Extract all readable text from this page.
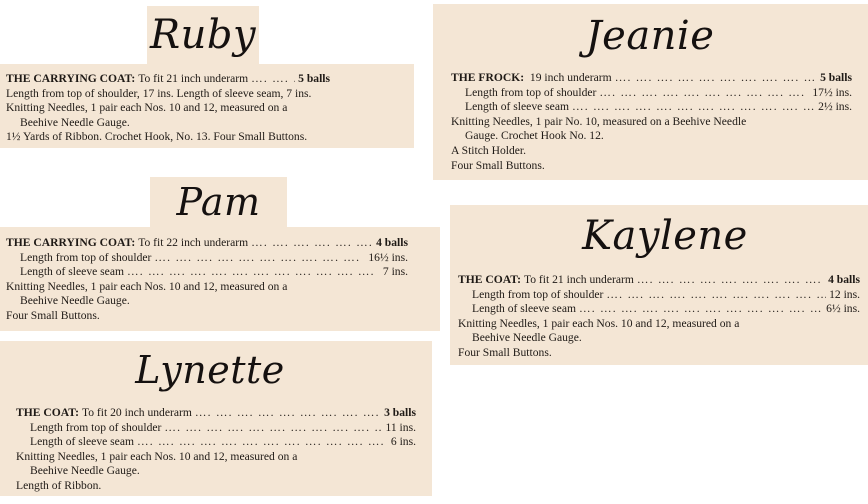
Ruby
THE CARRYING COAT:
To fit 21 inch underarm …. …. …. …. …. …. …. …. …. …. …. …. …. …. …. …. …. …. …. …. …. …. …. …. …. …. …. …. …. …. …. …. …. …. …. …. …. …. …. ….	5 balls
Length from top of shoulder, 17 ins. Length of sleeve seam, 7 ins.
Knitting Needles, 1 pair each Nos. 10 and 12, measured on a
Beehive Needle Gauge.
1½ Yards of Ribbon. Crochet Hook, No. 13. Four Small Buttons.
Pam
THE CARRYING COAT:
To fit 22 inch underarm …. …. …. …. …. …. …. …. …. …. …. …. …. …. …. …. …. …. …. …. …. …. …. …. …. …. …. …. …. …. …. …. …. …. …. …. …. …. …. ….	4 balls
Length from top of shoulder …. …. …. …. …. …. …. …. …. …. …. …. …. …. …. …. …. …. …. …. …. …. …. …. …. …. …. …. …. …. …. …. …. …. …. …. …. …. …. ….	16½ ins.
Length of sleeve seam …. …. …. …. …. …. …. …. …. …. …. …. …. …. …. …. …. …. …. …. …. …. …. …. …. …. …. …. …. …. …. …. …. …. …. …. …. …. …. ….	7 ins.
Knitting Needles, 1 pair each Nos. 10 and 12, measured on a
Beehive Needle Gauge.
Four Small Buttons.
Lynette
THE COAT:
To fit 20 inch underarm …. …. …. …. …. …. …. …. …. …. …. …. …. …. …. …. …. …. …. …. …. …. …. …. …. …. …. …. …. …. …. …. …. …. …. …. …. …. …. ….	3 balls
Length from top of shoulder …. …. …. …. …. …. …. …. …. …. …. …. …. …. …. …. …. …. …. …. …. …. …. …. …. …. …. …. …. …. …. …. …. …. …. …. …. …. …. ….	11 ins.
Length of sleeve seam …. …. …. …. …. …. …. …. …. …. …. …. …. …. …. …. …. …. …. …. …. …. …. …. …. …. …. …. …. …. …. …. …. …. …. …. …. …. …. ….	6 ins.
Knitting Needles, 1 pair each Nos. 10 and 12, measured on a
Beehive Needle Gauge.
Length of Ribbon.
Jeanie
THE FROCK:
19 inch underarm …. …. …. …. …. …. …. …. …. …. …. …. …. …. …. …. …. …. …. …. …. …. …. …. …. …. …. …. …. …. …. …. …. …. …. …. …. …. …. ….	5 balls
Length from top of shoulder …. …. …. …. …. …. …. …. …. …. …. …. …. …. …. …. …. …. …. …. …. …. …. …. …. …. …. …. …. …. …. …. …. …. …. …. …. …. …. ….	17½ ins.
Length of sleeve seam …. …. …. …. …. …. …. …. …. …. …. …. …. …. …. …. …. …. …. …. …. …. …. …. …. …. …. …. …. …. …. …. …. …. …. …. …. …. …. ….	2½ ins.
Knitting Needles, 1 pair No. 10, measured on a Beehive Needle
Gauge. Crochet Hook No. 12.
A Stitch Holder.
Four Small Buttons.
Kaylene
THE COAT:
To fit 21 inch underarm …. …. …. …. …. …. …. …. …. …. …. …. …. …. …. …. …. …. …. …. …. …. …. …. …. …. …. …. …. …. …. …. …. …. …. …. …. …. …. ….	4 balls
Length from top of shoulder …. …. …. …. …. …. …. …. …. …. …. …. …. …. …. …. …. …. …. …. …. …. …. …. …. …. …. …. …. …. …. …. …. …. …. …. …. …. …. ….	12 ins.
Length of sleeve seam …. …. …. …. …. …. …. …. …. …. …. …. …. …. …. …. …. …. …. …. …. …. …. …. …. …. …. …. …. …. …. …. …. …. …. …. …. …. …. ….	6½ ins.
Knitting Needles, 1 pair each Nos. 10 and 12, measured on a
Beehive Needle Gauge.
Four Small Buttons.
